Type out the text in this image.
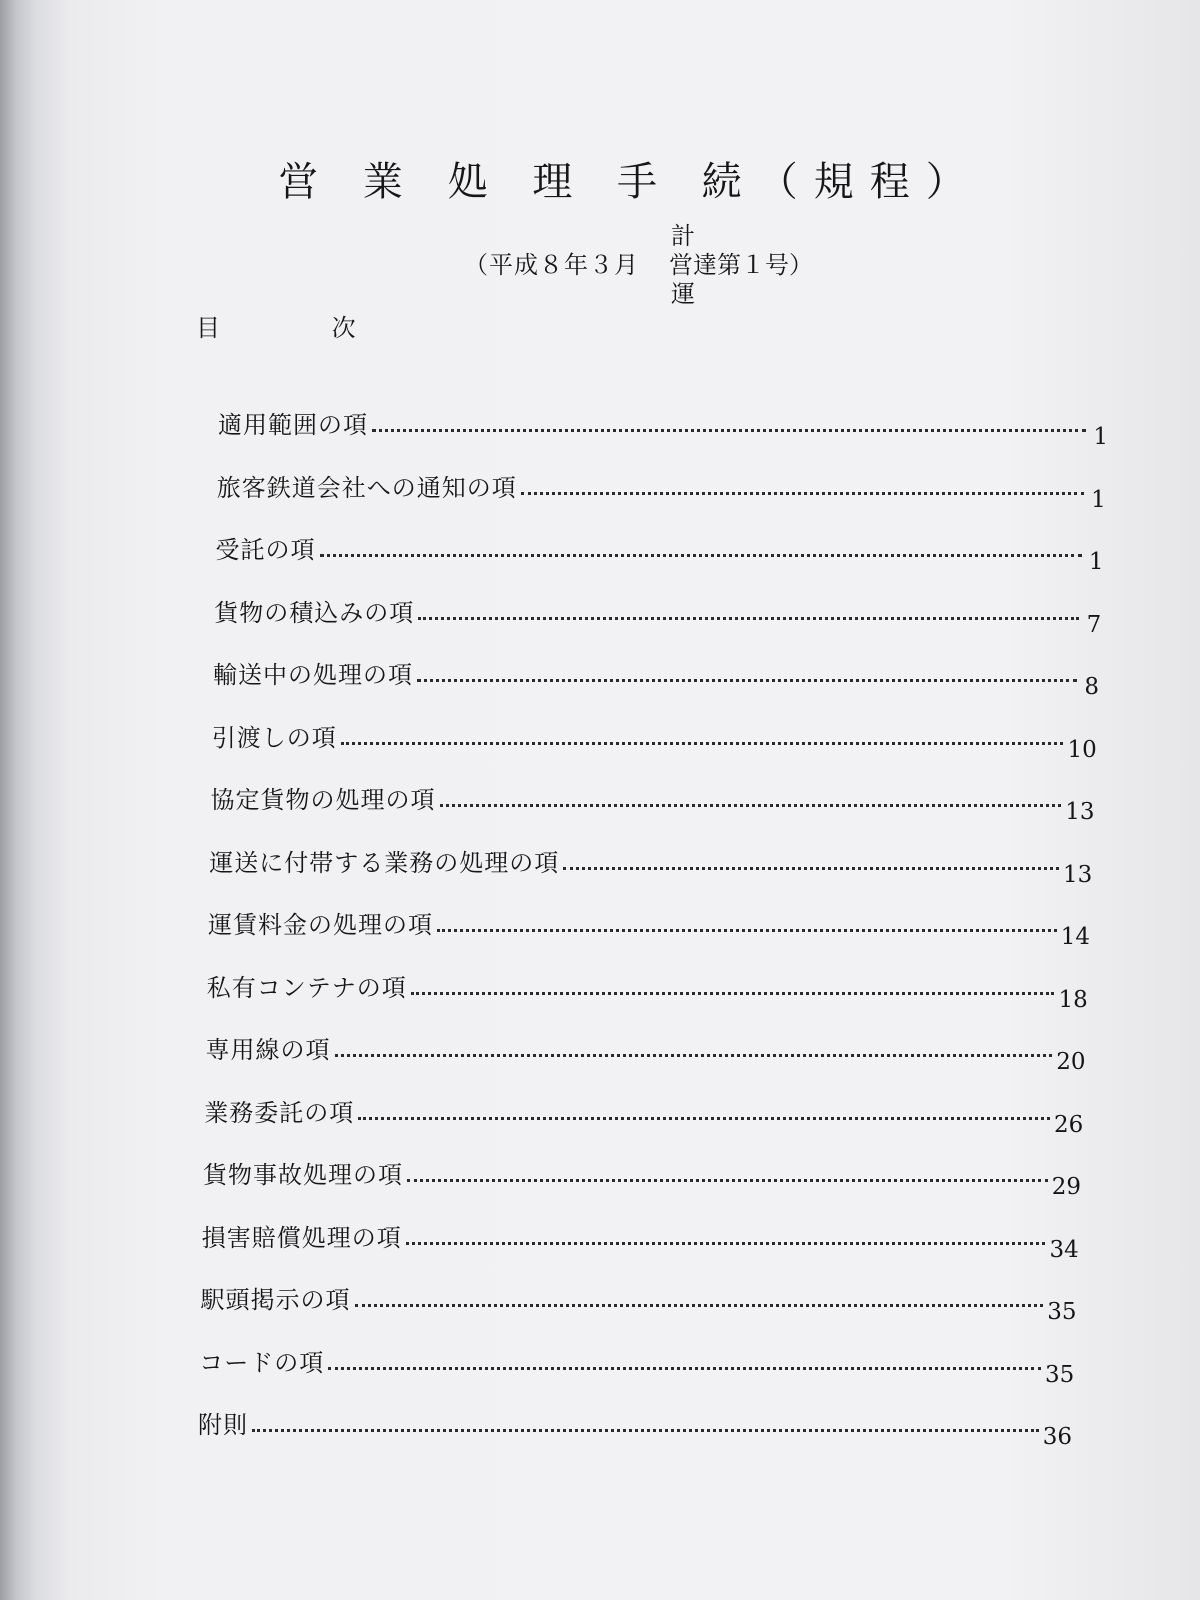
営 業 処 理 手 続（規程）
（平成８年３月
計
営達第１号）
運
目 次
適用範囲の項	1
旅客鉄道会社への通知の項	1
受託の項	1
貨物の積込みの項	7
輸送中の処理の項	8
引渡しの項	10
協定貨物の処理の項	13
運送に付帯する業務の処理の項	13
運賃料金の処理の項	14
私有コンテナの項	18
専用線の項	20
業務委託の項	26
貨物事故処理の項	29
損害賠償処理の項	34
駅頭掲示の項	35
コードの項	35
附則	36
